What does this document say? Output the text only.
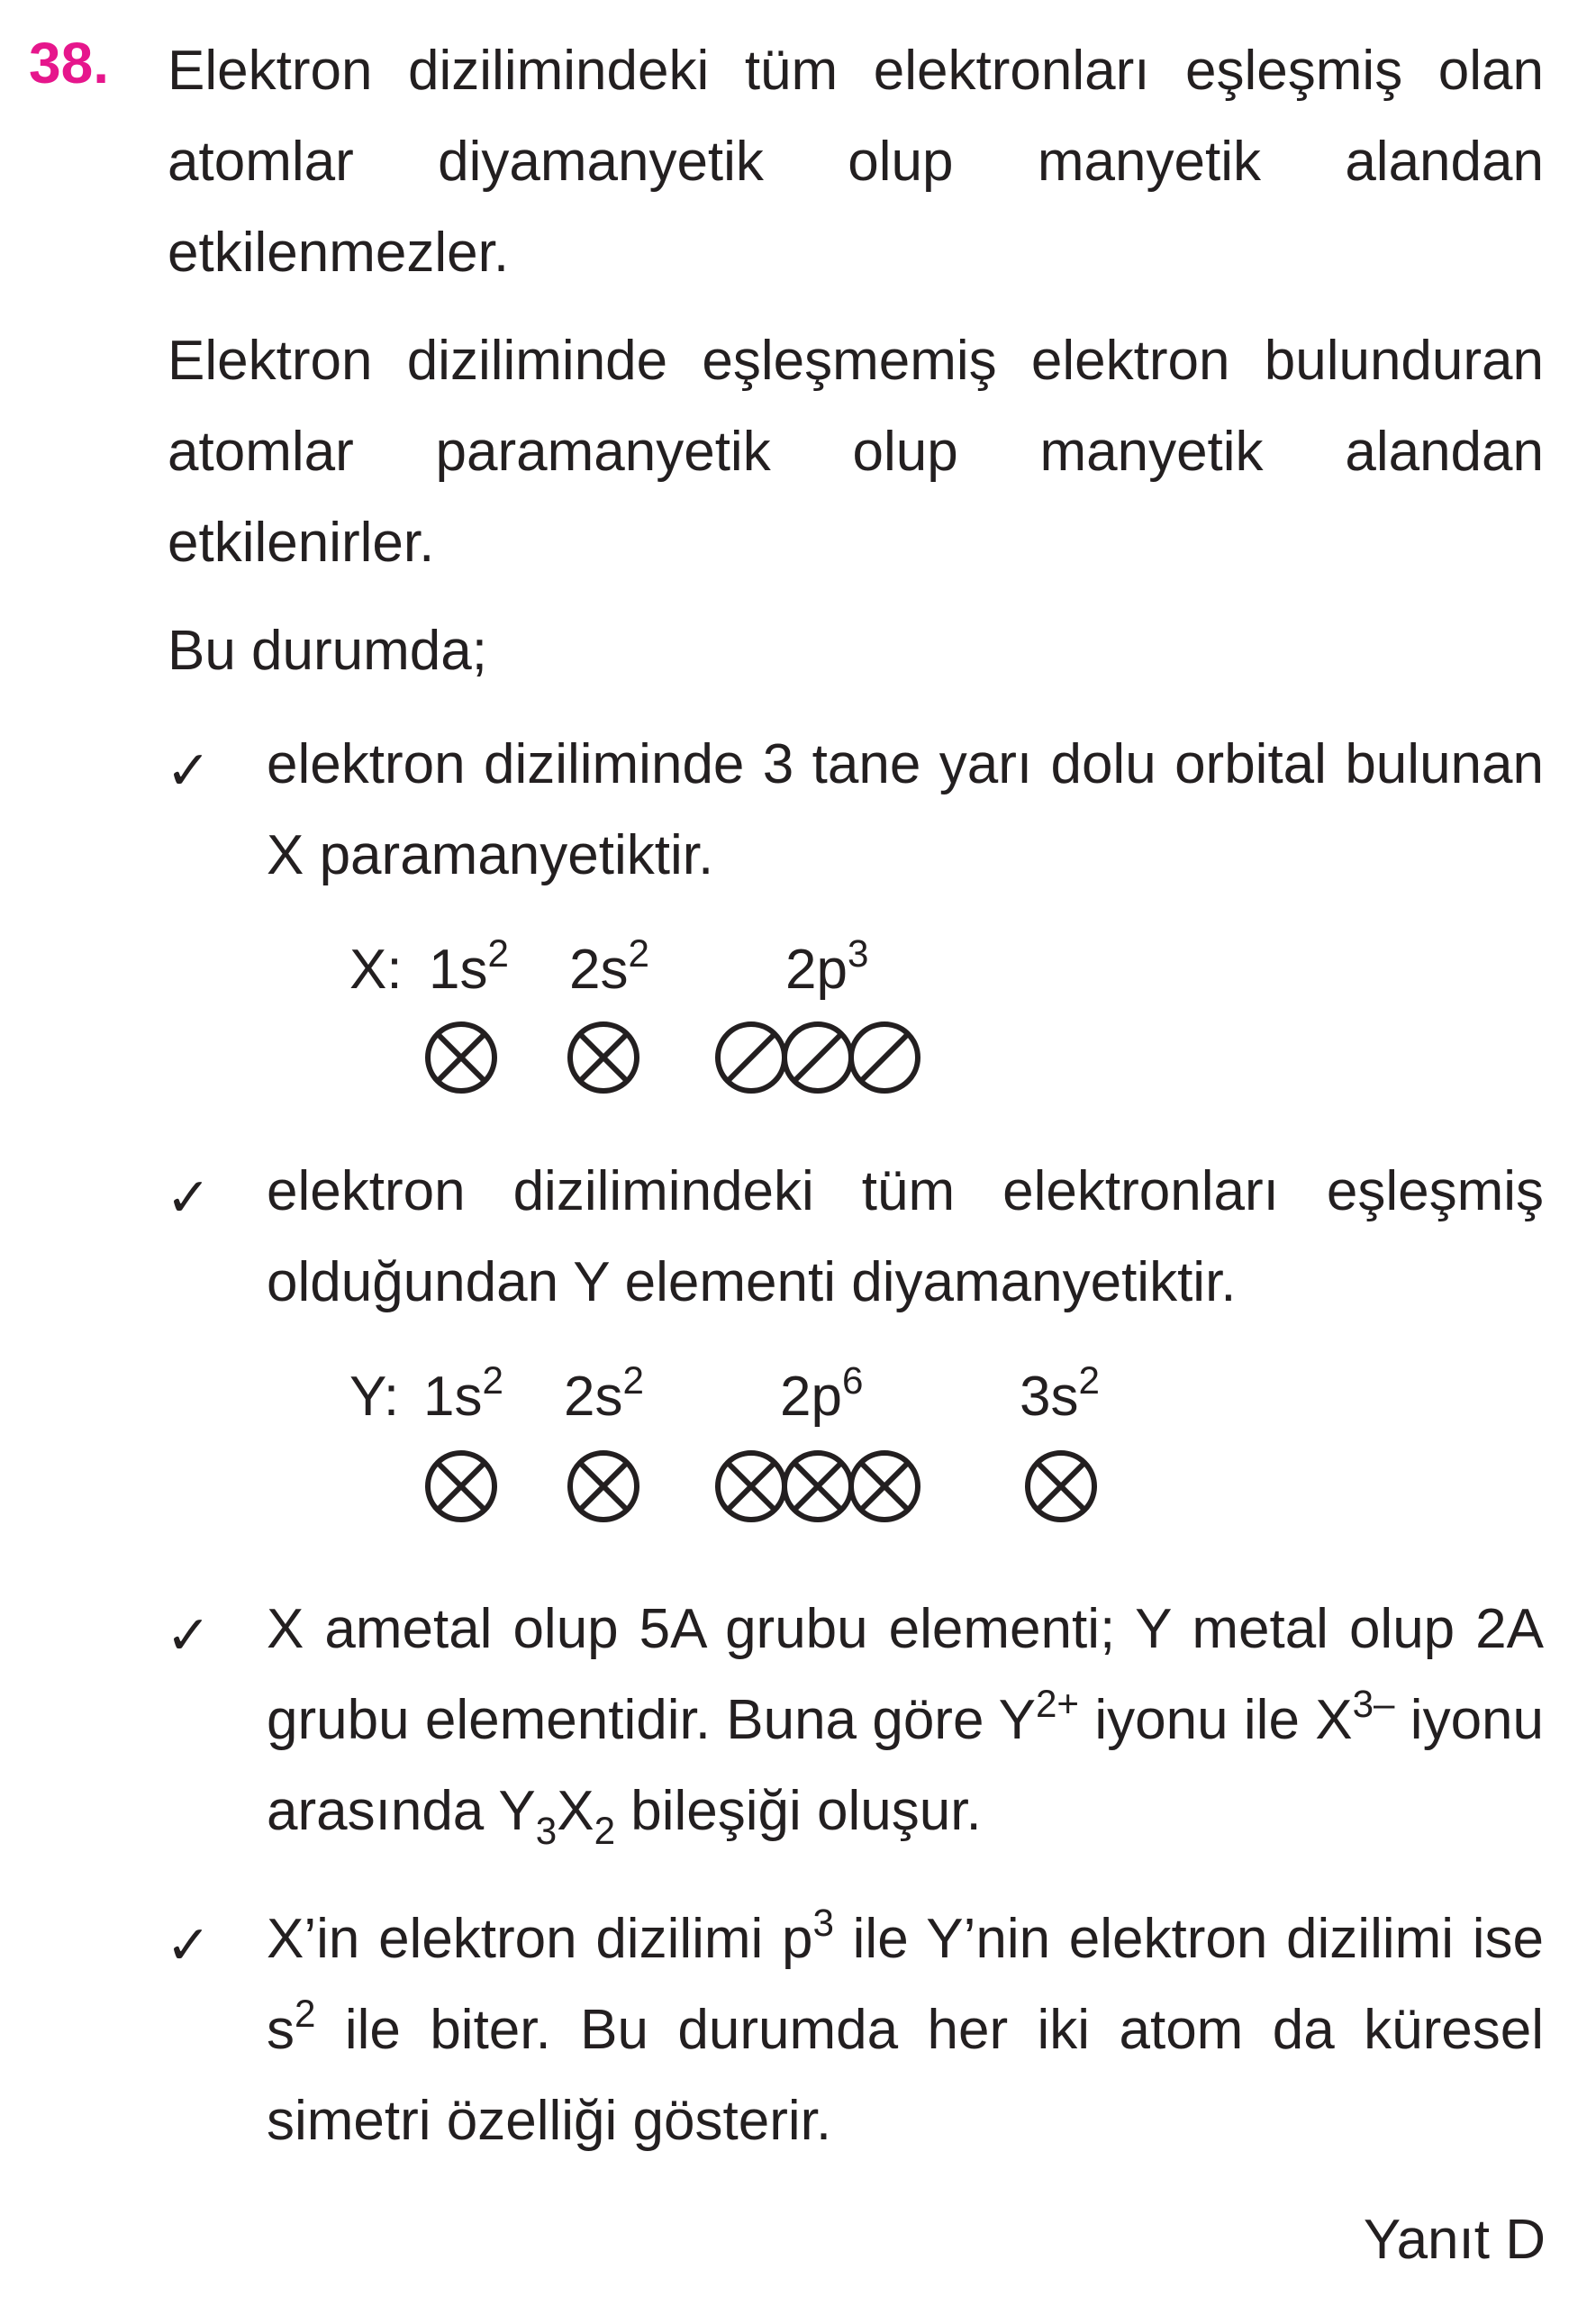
38. Elektron dizilimindeki tüm elektronları eşleşmiş olan atomlar diyamanyetik olup manyetik alandan etkilenmezler.

Elektron diziliminde eşleşmemiş elektron bulunduran atomlar paramanyetik olup manyetik alandan etkilenirler.

Bu durumda;

✓ elektron diziliminde 3 tane yarı dolu orbital bulunan X paramanyetiktir.

X: $1s^2$ $2s^2$ $2p^3$
✓ elektron dizilimindeki tüm elektronları eşleşmiş olduğundan Y elementi diyamanyetiktir.

Y: $1s^2$ $2s^2$ $2p^6$	$3s^2$
✓ X ametal olup 5A grubu elementi; Y metal olup 2A grubu elementidir. Buna göre $Y^{2+}$ iyonu ile $X^{3-}$ iyonu arasında $Y_3X_2$ bileşiği oluşur.

✓ X’in elektron dizilimi $p^3$ ile Y’nin elektron dizilimi ise $s^2$ ile biter. Bu durumda her iki atom da küresel simetri özelliği gösterir.

Yanıt D
